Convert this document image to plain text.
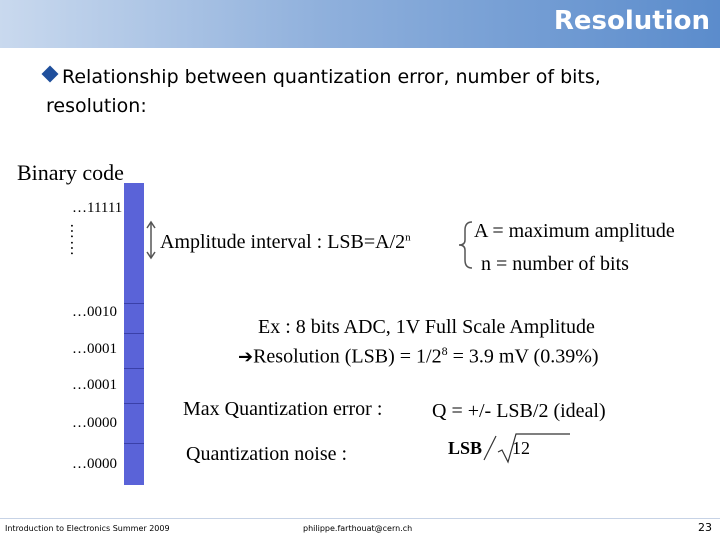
Resolution
Relationship between quantization error, number of bits,
resolution:
Binary code
…11111
……
…0010
…0001
…0001
…0000
…0000
Amplitude interval : $LSB=A/2^n$	A = maximum amplitude
n = number of bits
Ex : 8 bits ADC, 1V Full Scale Amplitude
➔Resolution $(LSB) = 1/2^8 = 3.9$ mV (0.39%)
Max Quantization error : Q = +/- LSB/2 (ideal)
Quantization noise :	LSB 12
Introduction to Electronics Summer 2009	philippe.farthouat@cern.ch	23
